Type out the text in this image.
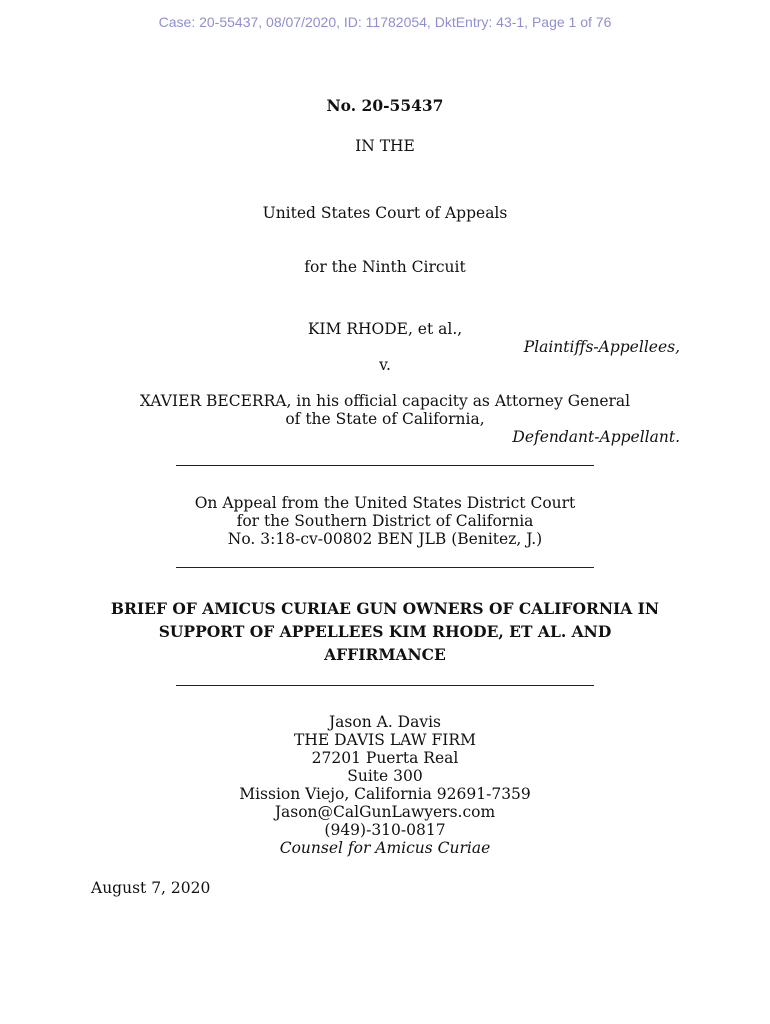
Case: 20-55437, 08/07/2020, ID: 11782054, DktEntry: 43-1, Page 1 of 76
No. 20-55437
IN THE
United States Court of Appeals
for the Ninth Circuit
KIM RHODE, et al.,
Plaintiffs-Appellees,
v.
XAVIER BECERRA, in his official capacity as Attorney General
of the State of California,
Defendant-Appellant.
On Appeal from the United States District Court
for the Southern District of California
No. 3:18-cv-00802 BEN JLB (Benitez, J.)
BRIEF OF AMICUS CURIAE GUN OWNERS OF CALIFORNIA IN
SUPPORT OF APPELLEES KIM RHODE, ET AL. AND
AFFIRMANCE
Jason A. Davis
THE DAVIS LAW FIRM
27201 Puerta Real
Suite 300
Mission Viejo, California 92691-7359
Jason@CalGunLawyers.com
(949)-310-0817
Counsel for Amicus Curiae
August 7, 2020
